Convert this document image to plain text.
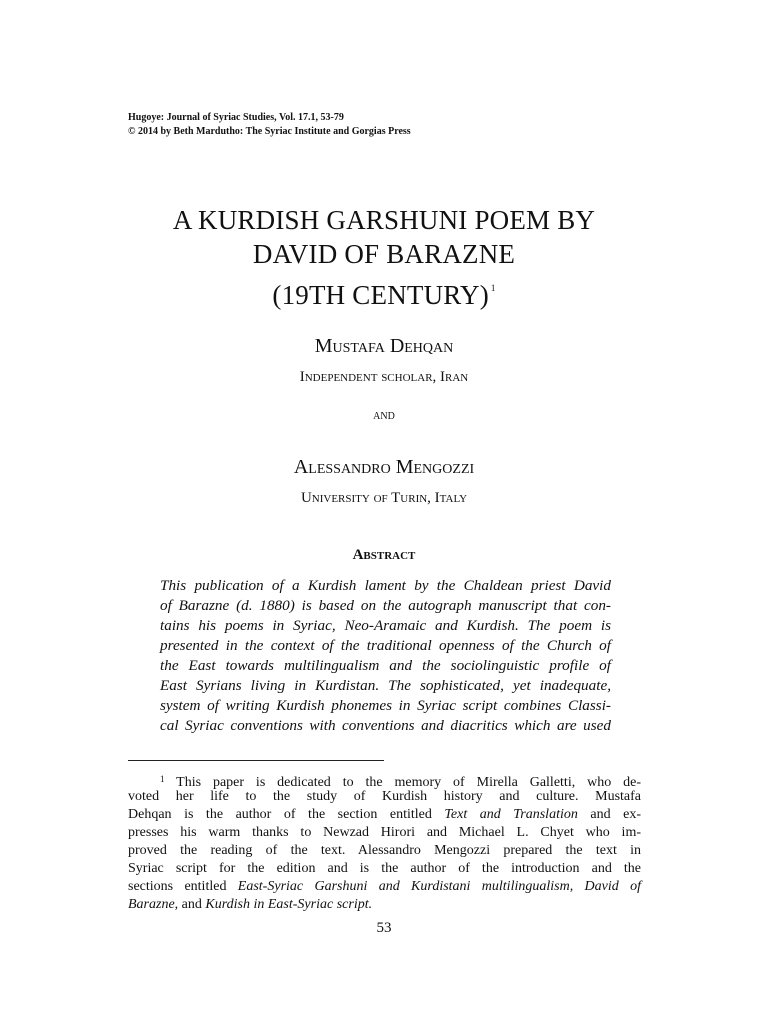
Hugoye: Journal of Syriac Studies, Vol. 17.1, 53-79
© 2014 by Beth Mardutho: The Syriac Institute and Gorgias Press
A KURDISH GARSHUNI POEM BY
DAVID OF BARAZNE
(19TH CENTURY) $^1$
Mustafa Dehqan
Independent scholar, Iran
and
Alessandro Mengozzi
University of Turin, Italy
Abstract
This publication of a Kurdish lament by the Chaldean priest David
of Barazne (d. 1880) is based on the autograph manuscript that con-
tains his poems in Syriac, Neo-Aramaic and Kurdish. The poem is
presented in the context of the traditional openness of the Church of
the East towards multilingualism and the sociolinguistic profile of
East Syrians living in Kurdistan. The sophisticated, yet inadequate,
system of writing Kurdish phonemes in Syriac script combines Classi-
cal Syriac conventions with conventions and diacritics which are used
$^1$ This paper is dedicated to the memory of Mirella Galletti, who de-
voted her life to the study of Kurdish history and culture. Mustafa
Dehqan is the author of the section entitled Text and Translation and ex-
presses his warm thanks to Newzad Hirori and Michael L. Chyet who im-
proved the reading of the text. Alessandro Mengozzi prepared the text in
Syriac script for the edition and is the author of the introduction and the
sections entitled East-Syriac Garshuni and Kurdistani multilingualism, David of
Barazne, and Kurdish in East-Syriac script.
53
